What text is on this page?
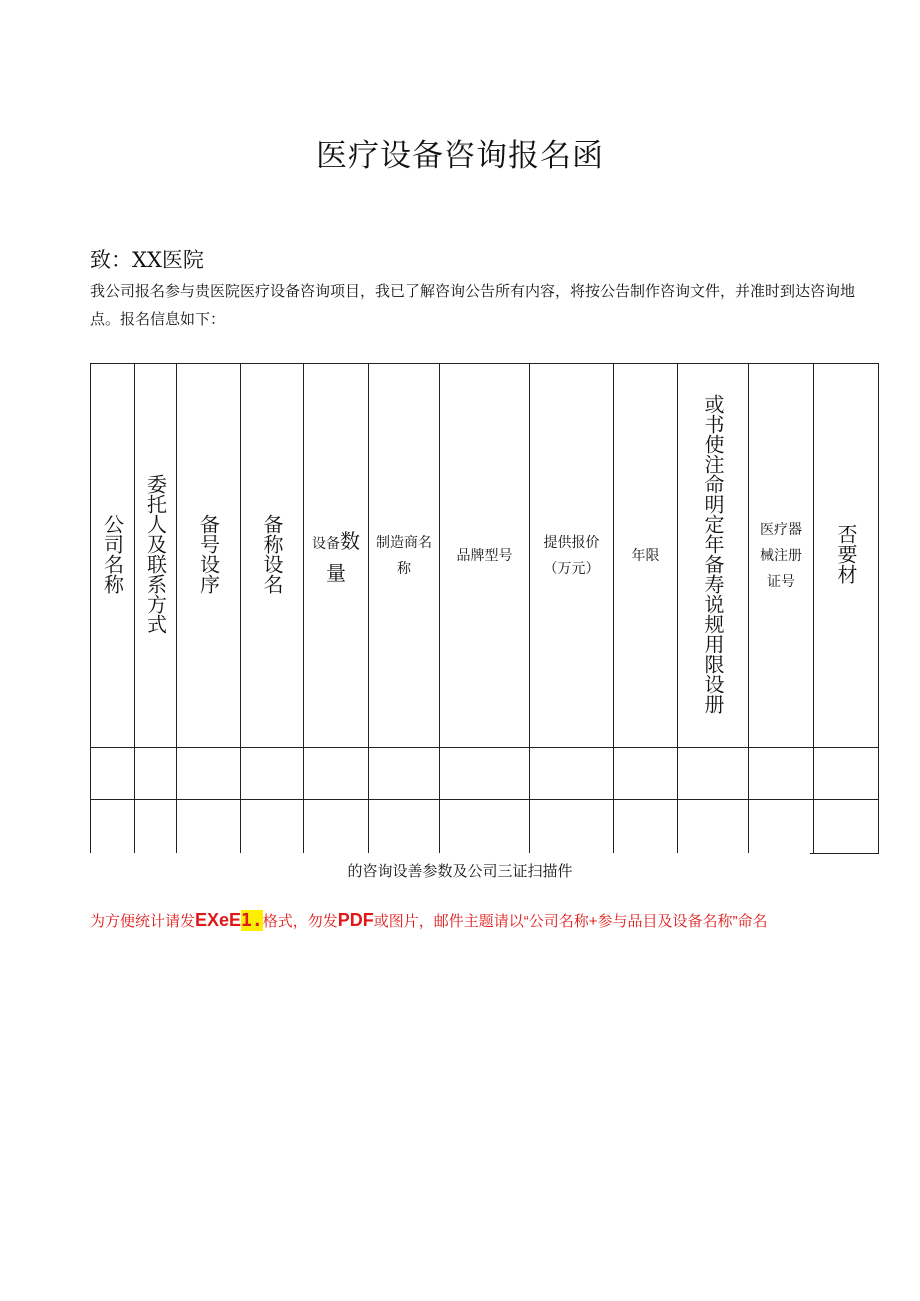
医疗设备咨询报名函
致：XX医院
我公司报名参与贵医院医疗设备咨询项目，我已了解咨询公告所有内容，将按公告制作咨询文件，并准时到达咨询地点。报名信息如下：
公司名称	委托人及联系方式	备号设序	备称设名	设备数量	制造商名称	品牌型号	提供报价（万元）	年限	或书使注命明定年备寿说规用限设册	医疗器械注册证号	否要材

的咨询设善参数及公司三证扫描件
为方便统计请发EXeE1.格式，勿发PDF或图片，邮件主题请以“公司名称+参与品目及设备名称”命名
